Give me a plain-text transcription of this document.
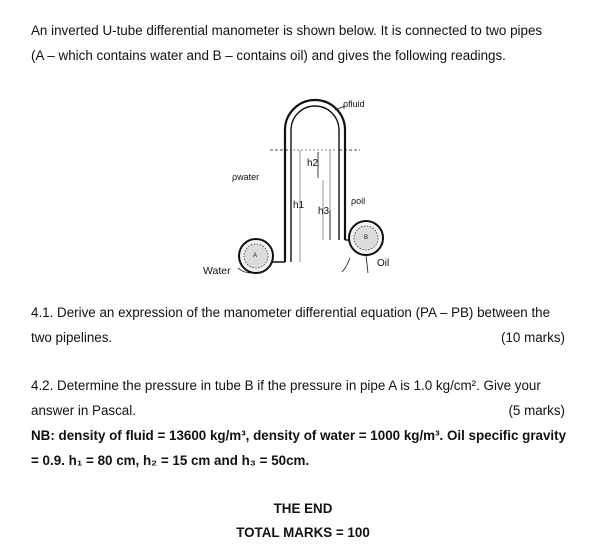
An inverted U-tube differential manometer is shown below. It is connected to two pipes
(A – which contains water and B – contains oil) and gives the following readings.
ρfluid
h2
ρwater
h1
h3
ρoil
A
B
Oil
Water
4.1. Derive an expression of the manometer differential equation (PA – PB) between the
two pipelines.	(10 marks)
4.2. Determine the pressure in tube B if the pressure in pipe A is 1.0 kg/cm². Give your
answer in Pascal.	(5 marks)
NB: density of fluid = 13600 kg/m³, density of water = 1000 kg/m³. Oil specific gravity
= 0.9. h₁ = 80 cm, h₂ = 15 cm and h₃ = 50cm.
THE END
TOTAL MARKS = 100
